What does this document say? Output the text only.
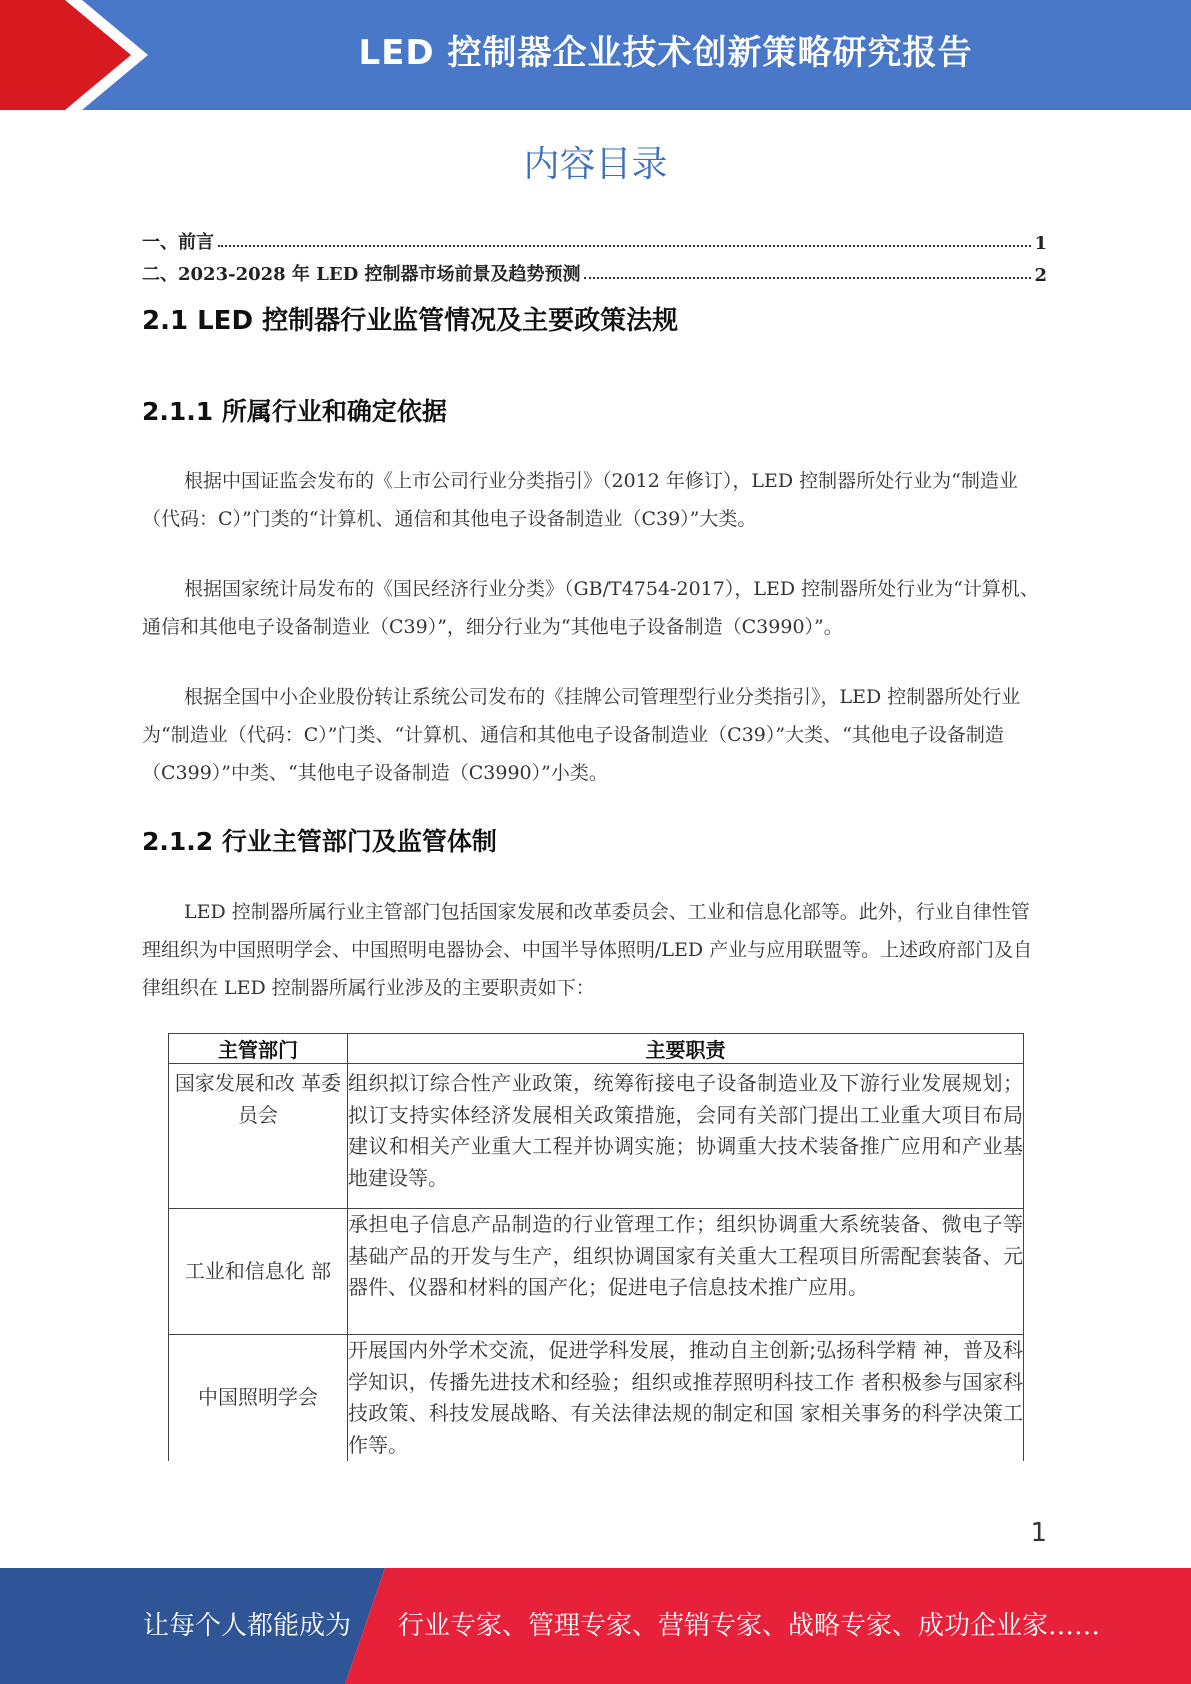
LED 控制器企业技术创新策略研究报告
内容目录
一、前言	1
二、2023-2028 年 LED 控制器市场前景及趋势预测	2
2.1 LED 控制器行业监管情况及主要政策法规
2.1.1 所属行业和确定依据

根据中国证监会发布的《上市公司行业分类指引》（2012 年修订），LED 控制器所处行业为“制造业（代码：C）”门类的“计算机、通信和其他电子设备制造业（C39）”大类。

根据国家统计局发布的《国民经济行业分类》（GB/T4754-2017），LED 控制器所处行业为“计算机、通信和其他电子设备制造业（C39）”，细分行业为“其他电子设备制造（C3990）”。

根据全国中小企业股份转让系统公司发布的《挂牌公司管理型行业分类指引》，LED 控制器所处行业为“制造业（代码：C）”门类、“计算机、通信和其他电子设备制造业（C39）”大类、“其他电子设备制造（C399）”中类、“其他电子设备制造（C3990）”小类。

2.1.2 行业主管部门及监管体制

LED 控制器所属行业主管部门包括国家发展和改革委员会、工业和信息化部等。此外，行业自律性管理组织为中国照明学会、中国照明电器协会、中国半导体照明/LED 产业与应用联盟等。上述政府部门及自律组织在 LED 控制器所属行业涉及的主要职责如下：

主管部门	主要职责
国家发展和改 革委员会	组织拟订综合性产业政策，统筹衔接电子设备制造业及下游行业发展规划；拟订支持实体经济发展相关政策措施，会同有关部门提出工业重大项目布局建议和相关产业重大工程并协调实施；协调重大技术装备推广应用和产业基地建设等。
工业和信息化 部	承担电子信息产品制造的行业管理工作；组织协调重大系统装备、微电子等基础产品的开发与生产，组织协调国家有关重大工程项目所需配套装备、元器件、仪器和材料的国产化；促进电子信息技术推广应用。
中国照明学会	开展国内外学术交流，促进学科发展，推动自主创新;弘扬科学精 神，普及科学知识，传播先进技术和经验；组织或推荐照明科技工作 者积极参与国家科技政策、科技发展战略、有关法律法规的制定和国 家相关事务的科学决策工作等。
1
让每个人都能成为 行业专家、管理专家、营销专家、战略专家、成功企业家……
